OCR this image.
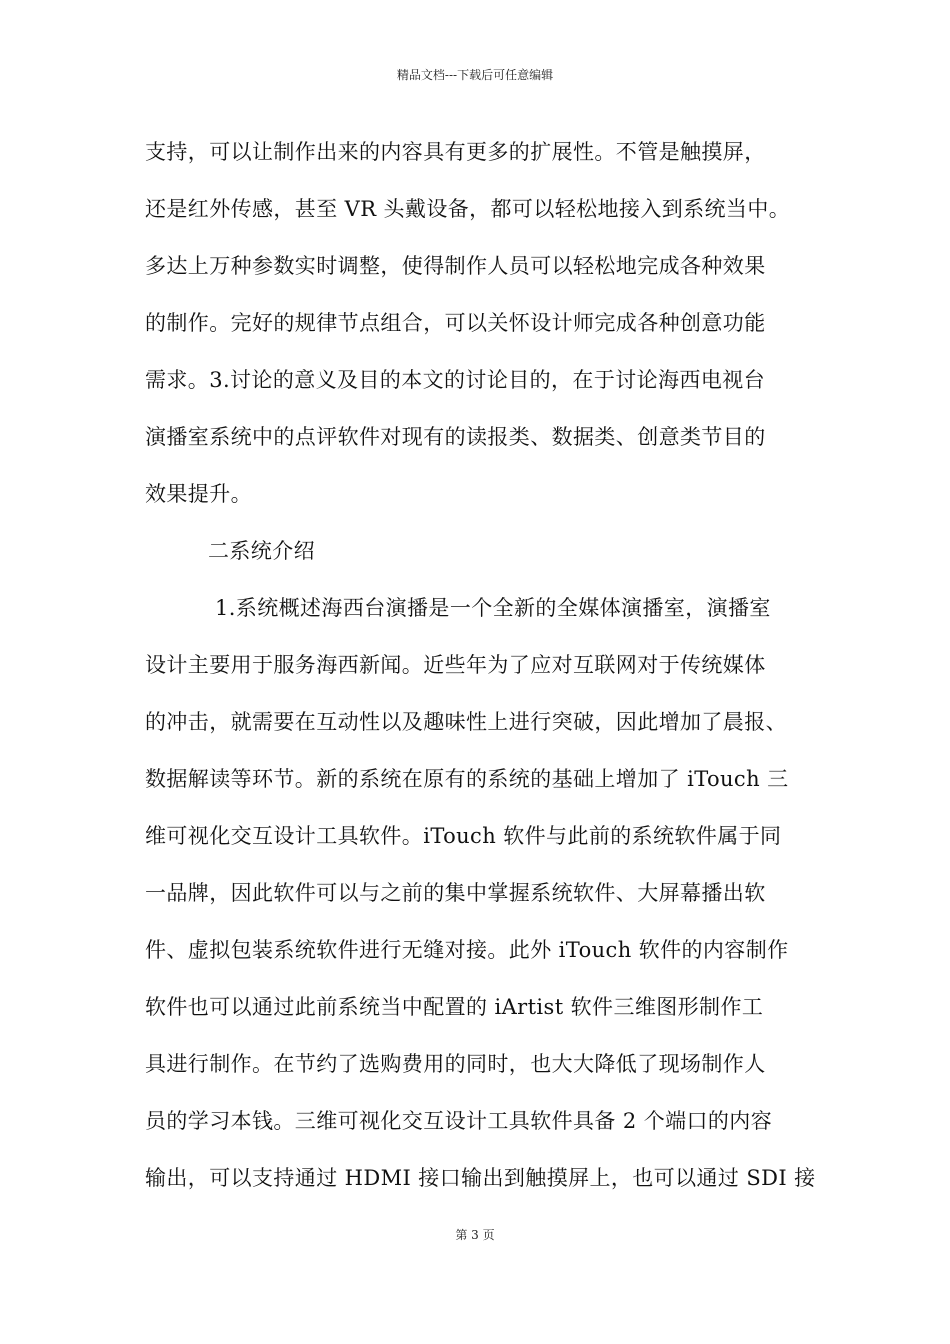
精品文档---下载后可任意编辑
支持，可以让制作出来的内容具有更多的扩展性。不管是触摸屏，
还是红外传感，甚至 VR 头戴设备，都可以轻松地接入到系统当中。
多达上万种参数实时调整，使得制作人员可以轻松地完成各种效果
的制作。完好的规律节点组合，可以关怀设计师完成各种创意功能
需求。3.讨论的意义及目的本文的讨论目的，在于讨论海西电视台
演播室系统中的点评软件对现有的读报类、数据类、创意类节目的
效果提升。
二系统介绍
1.系统概述海西台演播是一个全新的全媒体演播室，演播室
设计主要用于服务海西新闻。近些年为了应对互联网对于传统媒体
的冲击，就需要在互动性以及趣味性上进行突破，因此增加了晨报、
数据解读等环节。新的系统在原有的系统的基础上增加了 iTouch 三
维可视化交互设计工具软件。iTouch 软件与此前的系统软件属于同
一品牌，因此软件可以与之前的集中掌握系统软件、大屏幕播出软
件、虚拟包装系统软件进行无缝对接。此外 iTouch 软件的内容制作
软件也可以通过此前系统当中配置的 iArtist 软件三维图形制作工
具进行制作。在节约了选购费用的同时，也大大降低了现场制作人
员的学习本钱。三维可视化交互设计工具软件具备 2 个端口的内容
输出，可以支持通过 HDMI 接口输出到触摸屏上，也可以通过 SDI 接
第 3 页
